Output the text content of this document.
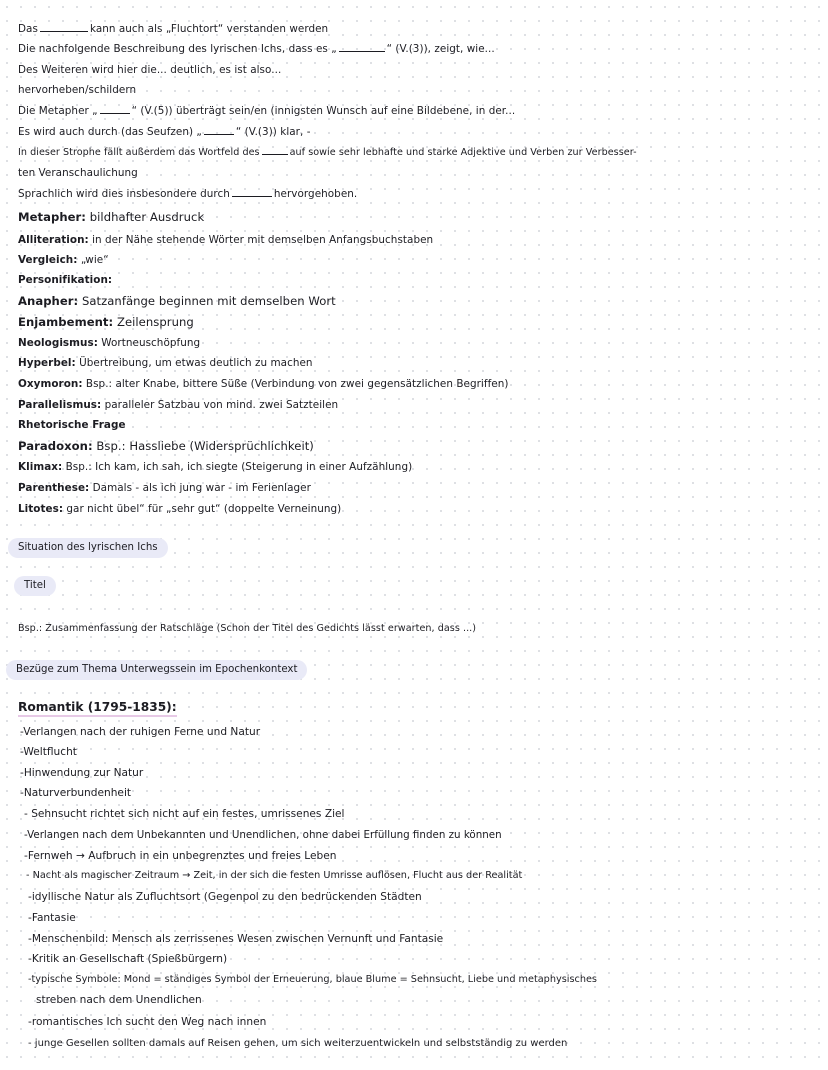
Das	kann auch als „Fluchtort“ verstanden werden
Die nachfolgende Beschreibung des lyrischen Ichs, dass es „	“ (V.(3)), zeigt, wie...
Des Weiteren wird hier die... deutlich, es ist also...
hervorheben/schildern
Die Metapher „	“ (V.(5)) überträgt sein/en (innigsten Wunsch auf eine Bildebene, in der...
Es wird auch durch (das Seufzen) „	“ (V.(3)) klar, -
In dieser Strophe fällt außerdem das Wortfeld des	auf sowie sehr lebhafte und starke Adjektive und Verben zur Verbesser-
ten Veranschaulichung
Sprachlich wird dies insbesondere durch	hervorgehoben.
Metapher: bildhafter Ausdruck
Alliteration: in der Nähe stehende Wörter mit demselben Anfangsbuchstaben
Vergleich: „wie“
Personifikation:
Anapher: Satzanfänge beginnen mit demselben Wort
Enjambement: Zeilensprung
Neologismus: Wortneuschöpfung
Hyperbel: Übertreibung, um etwas deutlich zu machen
Oxymoron: Bsp.: alter Knabe, bittere Süße (Verbindung von zwei gegensätzlichen Begriffen)
Parallelismus: paralleler Satzbau von mind. zwei Satzteilen
Rhetorische Frage
Paradoxon: Bsp.: Hassliebe (Widersprüchlichkeit)
Klimax: Bsp.: Ich kam, ich sah, ich siegte (Steigerung in einer Aufzählung)
Parenthese: Damals - als ich jung war - im Ferienlager
Litotes: gar nicht übel“ für „sehr gut“ (doppelte Verneinung)
Situation des lyrischen Ichs
Titel
Bsp.: Zusammenfassung der Ratschläge (Schon der Titel des Gedichts lässt erwarten, dass ...)
Bezüge zum Thema Unterwegssein im Epochenkontext
Romantik (1795-1835):
-Verlangen nach der ruhigen Ferne und Natur
-Weltflucht
-Hinwendung zur Natur
-Naturverbundenheit
- Sehnsucht richtet sich nicht auf ein festes, umrissenes Ziel
-Verlangen nach dem Unbekannten und Unendlichen, ohne dabei Erfüllung finden zu können
-Fernweh → Aufbruch in ein unbegrenztes und freies Leben
- Nacht als magischer Zeitraum → Zeit, in der sich die festen Umrisse auflösen, Flucht aus der Realität
-idyllische Natur als Zufluchtsort (Gegenpol zu den bedrückenden Städten
-Fantasie
-Menschenbild: Mensch als zerrissenes Wesen zwischen Vernunft und Fantasie
-Kritik an Gesellschaft (Spießbürgern)
-typische Symbole: Mond = ständiges Symbol der Erneuerung, blaue Blume = Sehnsucht, Liebe und metaphysisches
streben nach dem Unendlichen
-romantisches Ich sucht den Weg nach innen
- junge Gesellen sollten damals auf Reisen gehen, um sich weiterzuentwickeln und selbstständig zu werden
